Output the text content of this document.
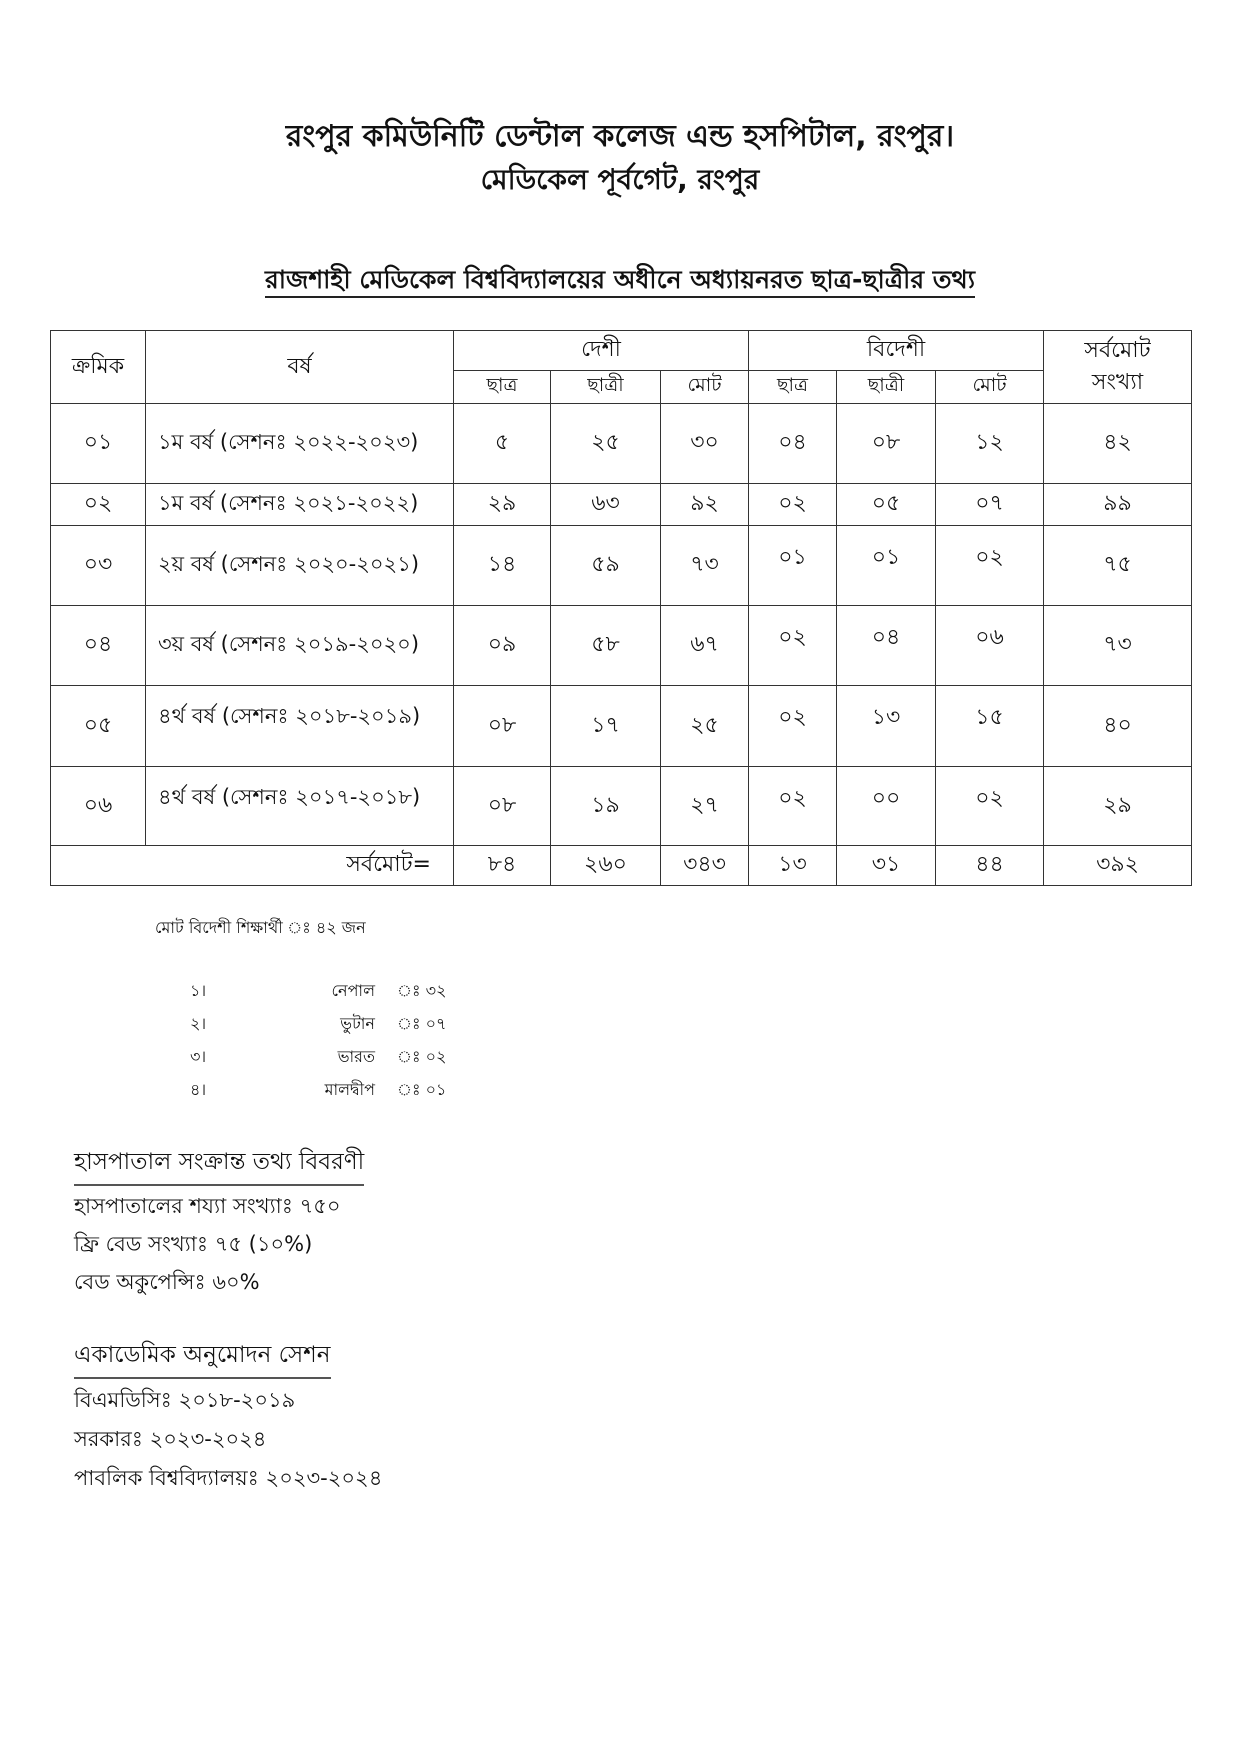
রংপুর কমিউনিটি ডেন্টাল কলেজ এন্ড হসপিটাল, রংপুর।
মেডিকেল পূর্বগেট, রংপুর
রাজশাহী মেডিকেল বিশ্ববিদ্যালয়ের অধীনে অধ্যায়নরত ছাত্র-ছাত্রীর তথ্য
ক্রমিক	বর্ষ	দেশী			বিদেশী			সর্বমোট সংখ্যা
		ছাত্র	ছাত্রী	মোট	ছাত্র	ছাত্রী	মোট	
০১	১ম বর্ষ (সেশনঃ ২০২২-২০২৩)	৫	২৫	৩০	০৪	০৮	১২	৪২
০২	১ম বর্ষ (সেশনঃ ২০২১-২০২২)	২৯	৬৩	৯২	০২	০৫	০৭	৯৯
০৩	২য় বর্ষ (সেশনঃ ২০২০-২০২১)	১৪	৫৯	৭৩	০১	০১	০২	৭৫
০৪	৩য় বর্ষ (সেশনঃ ২০১৯-২০২০)	০৯	৫৮	৬৭	০২	০৪	০৬	৭৩
০৫	৪র্থ বর্ষ (সেশনঃ ২০১৮-২০১৯)	০৮	১৭	২৫	০২	১৩	১৫	৪০
০৬	৪র্থ বর্ষ (সেশনঃ ২০১৭-২০১৮)	০৮	১৯	২৭	০২	০০	০২	২৯
সর্বমোট=		৮৪	২৬০	৩৪৩	১৩	৩১	৪৪	৩৯২
মোট বিদেশী শিক্ষার্থী ঃ ৪২ জন
১।	নেপাল ঃ ৩২
২।	ভুটান ঃ ০৭
৩।	ভারত ঃ ০২
৪।	মালদ্বীপ ঃ ০১
হাসপাতাল সংক্রান্ত তথ্য বিবরণী
হাসপাতালের শয্যা সংখ্যাঃ ৭৫০
ফ্রি বেড সংখ্যাঃ ৭৫ (১০%)
বেড অকুপেন্সিঃ ৬০%
একাডেমিক অনুমোদন সেশন
বিএমডিসিঃ ২০১৮-২০১৯
সরকারঃ ২০২৩-২০২৪
পাবলিক বিশ্ববিদ্যালয়ঃ ২০২৩-২০২৪
